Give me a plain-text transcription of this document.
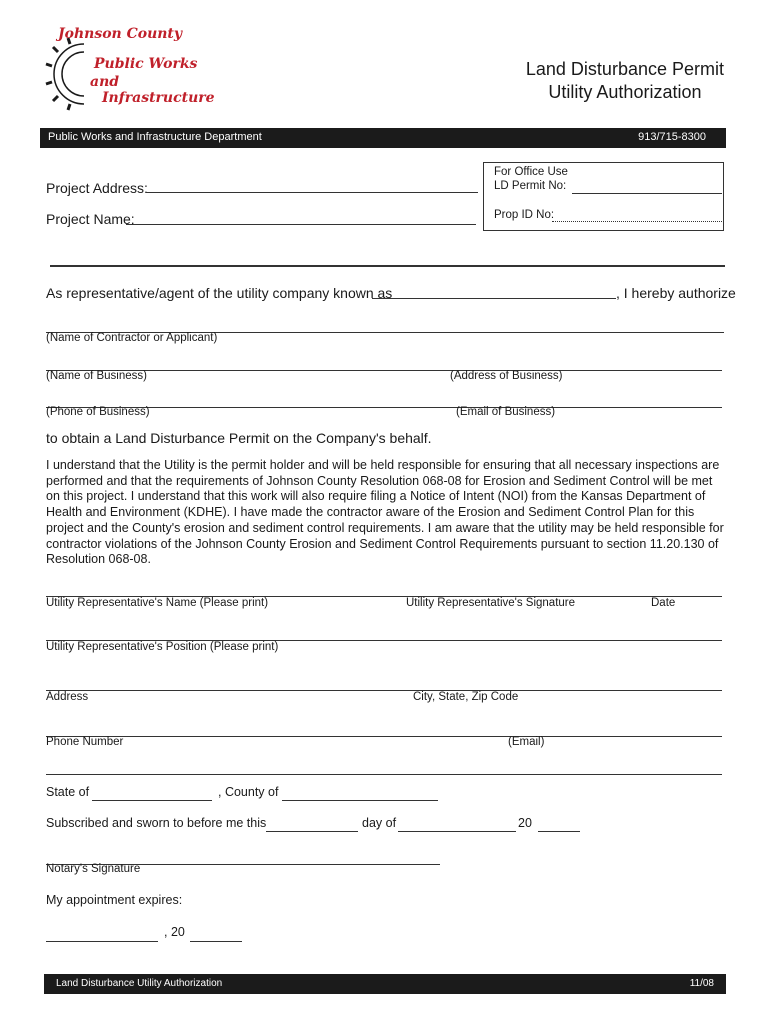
Johnson County
Public Works
and
Infrastructure
Land Disturbance Permit
Utility Authorization
Public Works and Infrastructure Department	913/715-8300
Project Address:
Project Name:
For Office Use
LD Permit No:
Prop ID No:
As representative/agent of the utility company known as	, I hereby authorize
(Name of Contractor or Applicant)
(Name of Business)	(Address of Business)
(Phone of Business)	(Email of Business)
to obtain a Land Disturbance Permit on the Company's behalf.
I understand that the Utility is the permit holder and will be held responsible for ensuring that all necessary inspections are performed and that the requirements of Johnson County Resolution 068-08 for Erosion and Sediment Control will be met on this project. I understand that this work will also require filing a Notice of Intent (NOI) from the Kansas Department of Health and Environment (KDHE). I have made the contractor aware of the Erosion and Sediment Control Plan for this project and the County's erosion and sediment control requirements. I am aware that the utility may be held responsible for contractor violations of the Johnson County Erosion and Sediment Control Requirements pursuant to section 11.20.130 of Resolution 068-08.
Utility Representative's Name (Please print)	Utility Representative's Signature	Date
Utility Representative's Position (Please print)
Address	City, State, Zip Code
Phone Number	(Email)
State of	, County of
Subscribed and sworn to before me this	day of	20
Notary's Signature
My appointment expires:
, 20
Land Disturbance Utility Authorization	11/08
